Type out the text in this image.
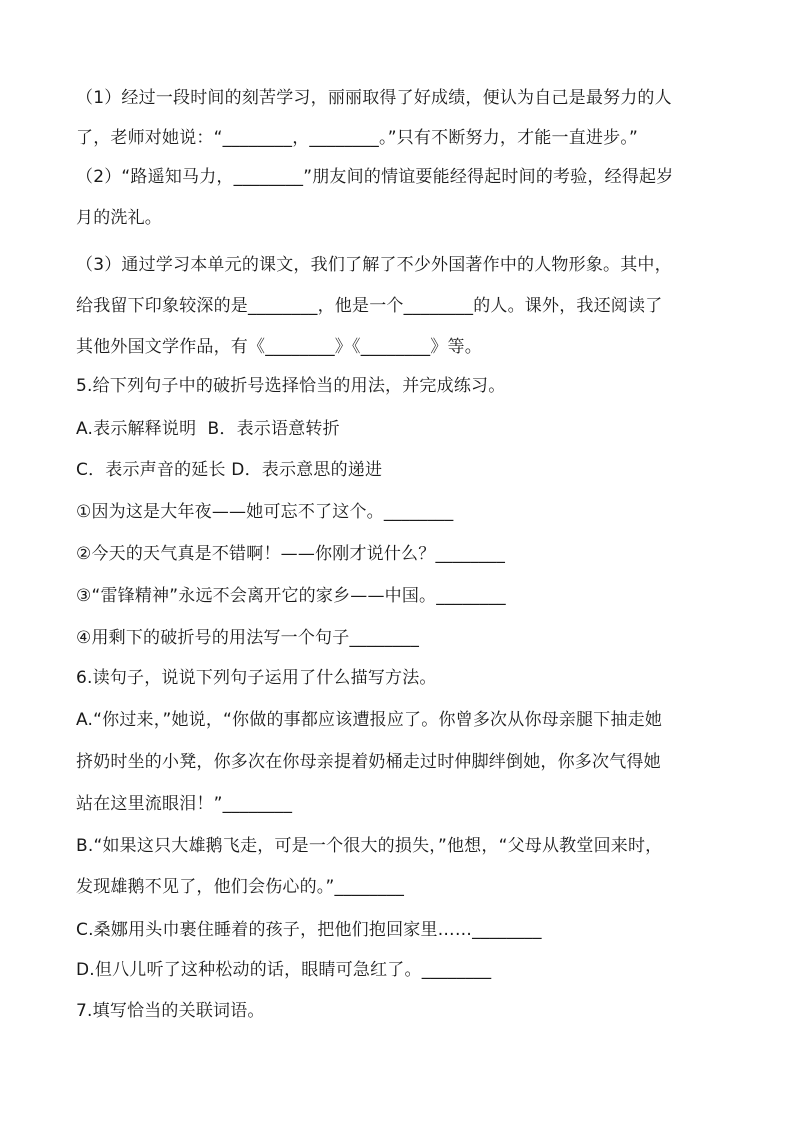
（1）经过一段时间的刻苦学习，丽丽取得了好成绩，便认为自己是最努力的人
了，老师对她说：“________，________。”只有不断努力，才能一直进步。”
（2）“路遥知马力，________”朋友间的情谊要能经得起时间的考验，经得起岁
月的洗礼。
（3）通过学习本单元的课文，我们了解了不少外国著作中的人物形象。其中，
给我留下印象较深的是________，他是一个________的人。课外，我还阅读了
其他外国文学作品，有《________》《________》等。
5.给下列句子中的破折号选择恰当的用法，并完成练习。
A.表示解释说明  B．表示语意转折
C．表示声音的延长 D．表示意思的递进
①因为这是大年夜——她可忘不了这个。________
②今天的天气真是不错啊！——你刚才说什么？________
③“雷锋精神”永远不会离开它的家乡——中国。________
④用剩下的破折号的用法写一个句子________
6.读句子，说说下列句子运用了什么描写方法。
A.“你过来，”她说，“你做的事都应该遭报应了。你曾多次从你母亲腿下抽走她
挤奶时坐的小凳，你多次在你母亲提着奶桶走过时伸脚绊倒她，你多次气得她
站在这里流眼泪！”________
B.“如果这只大雄鹅飞走，可是一个很大的损失，”他想，“父母从教堂回来时，
发现雄鹅不见了，他们会伤心的。”________
C.桑娜用头巾裹住睡着的孩子，把他们抱回家里……________
D.但八儿听了这种松动的话，眼睛可急红了。________
7.填写恰当的关联词语。
